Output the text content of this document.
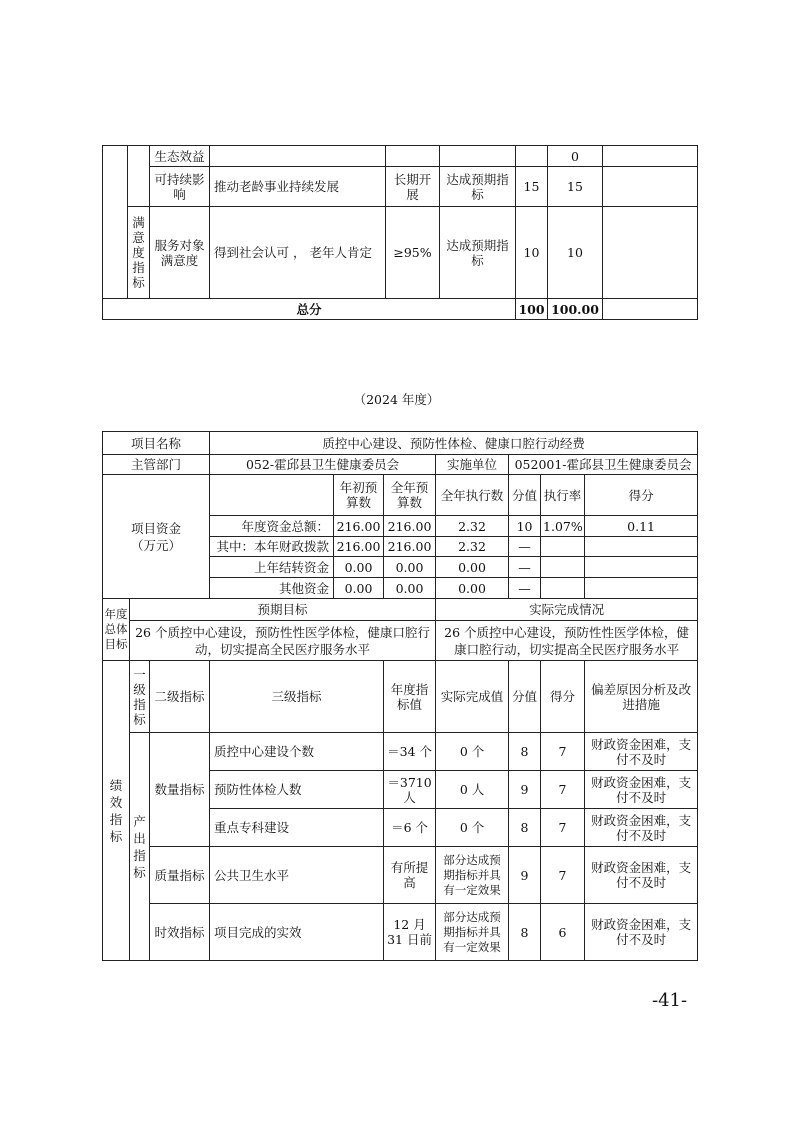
		生态效益					0	
		可持续影响	推动老龄事业持续发展	长期开展	达成预期指标	15	15	
	满意度指标	服务对象满意度	得到社会认可 ， 老年人肯定	≥95%	达成预期指标	10	10	
总分						100	100.00	
（2024 年度）
项目名称			质控中心建设、预防性体检、健康口腔行动经费						
主管部门			052-霍邱县卫生健康委员会			实施单位	052001-霍邱县卫生健康委员会		
项目资金（万元）				年初预算数	全年预算数	全年执行数	分值	执行率	得分
			年度资金总额：	216.00	216.00	2.32	10	1.07%	0.11
			其中：本年财政拨款	216.00	216.00	2.32	—		
			上年结转资金	0.00	0.00	0.00	—		
			其他资金	0.00	0.00	0.00	—		
年度总体目标	预期目标					实际完成情况			
	26 个质控中心建设，预防性性医学体检，健康口腔行动，切实提高全民医疗服务水平					26 个质控中心建设，预防性性医学体检，健康口腔行动，切实提高全民医疗服务水平			
绩效指标	一级指标	二级指标	三级指标		年度指标值	实际完成值	分值	得分	偏差原因分析及改进措施
	产出指标	数量指标	质控中心建设个数		＝34 个	0 个	8	7	财政资金困难，支付不及时
			预防性体检人数		＝3710 人	0 人	9	7	财政资金困难，支付不及时
			重点专科建设		＝6 个	0 个	8	7	财政资金困难，支付不及时
		质量指标	公共卫生水平		有所提高	部分达成预期指标并具有一定效果	9	7	财政资金困难，支付不及时
		时效指标	项目完成的实效		12 月 31 日前	部分达成预期指标并具有一定效果	8	6	财政资金困难，支付不及时
-41-
